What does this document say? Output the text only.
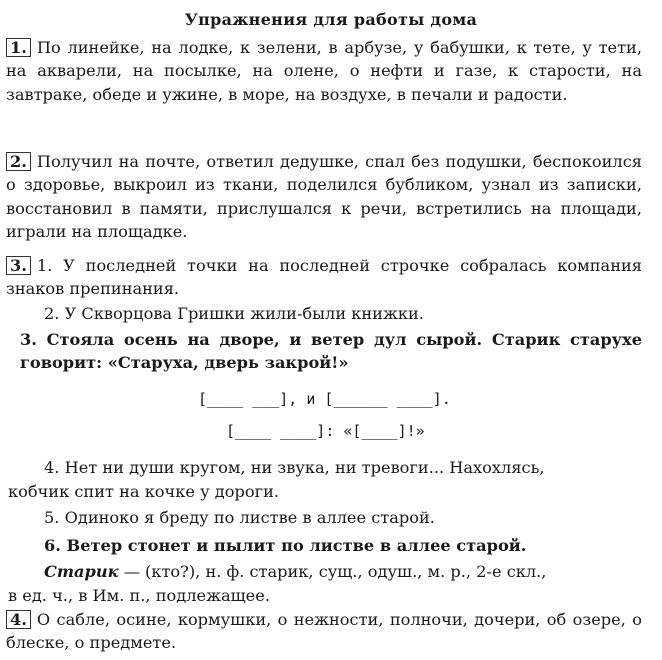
Упражнения для работы дома
1. По линейке, на лодке, к зелени, в арбузе, у бабушки, к тете, у тети, на акварели, на посылке, на олене, о нефти и газе, к старости, на завтраке, обеде и ужине, в море, на воздухе, в печали и радости.
2. Получил на почте, ответил дедушке, спал без подушки, беспокоился о здоровье, выкроил из ткани, поделился бубликом, узнал из записки, восстановил в памяти, прислушался к речи, встретились на площади, играли на площадке.
3. 1. У последней точки на последней строчке собралась компания знаков препинания.
2. У Скворцова Гришки жили-были книжки.
3. Стояла осень на дворе, и ветер дул сырой. Старик старухе говорит: «Старуха, дверь закрой!»
[____ ___], и [______ ____].
[____ ____]: «[____]!»
4. Нет ни души кругом, ни звука, ни тревоги... Нахохлясь,
кобчик спит на кочке у дороги.
5. Одиноко я бреду по листве в аллее старой.
6. Ветер стонет и пылит по листве в аллее старой.
Старик — (кто?), н. ф. старик, сущ., одуш., м. р., 2-е скл.,
в ед. ч., в Им. п., подлежащее.
4. О сабле, осине, кормушки, о нежности, полночи, дочери, об озере, о блеске, о предмете.
